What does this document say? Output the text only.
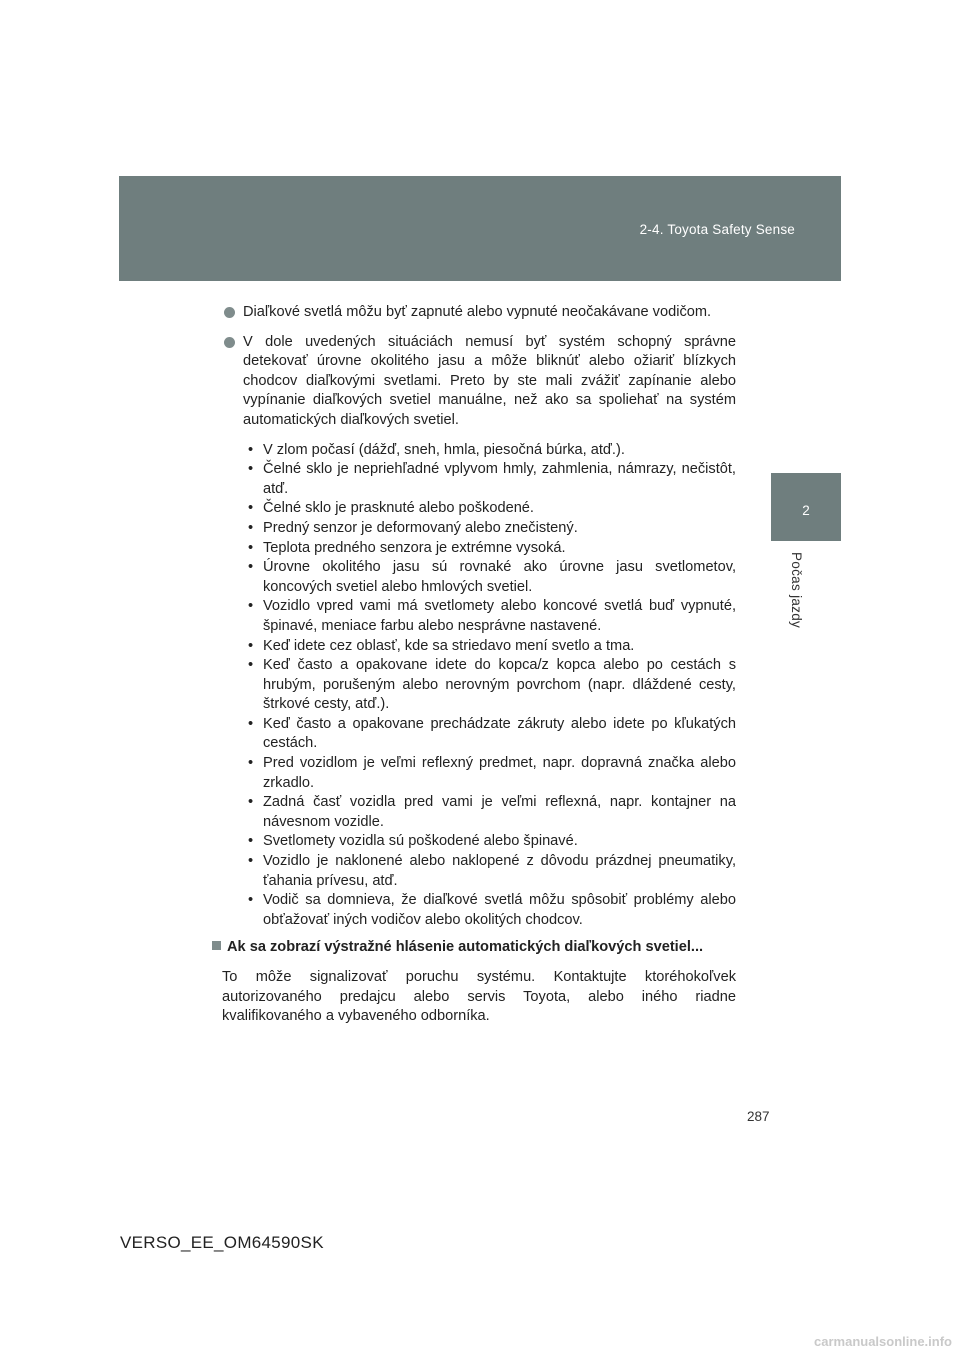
2-4. Toyota Safety Sense
2
Počas jazdy
Diaľkové svetlá môžu byť zapnuté alebo vypnuté neočakávane vodičom.
V dole uvedených situáciách nemusí byť systém schopný správne detekovať úrovne okolitého jasu a môže bliknúť alebo ožiariť blízkych chodcov diaľkovými svetlami. Preto by ste mali zvážiť zapínanie alebo vypínanie diaľkových svetiel manuálne, než ako sa spoliehať na systém automatických diaľkových svetiel.
• V zlom počasí (dážď, sneh, hmla, piesočná búrka, atď.).
• Čelné sklo je nepriehľadné vplyvom hmly, zahmlenia, námrazy, nečistôt, atď.
• Čelné sklo je prasknuté alebo poškodené.
• Predný senzor je deformovaný alebo znečistený.
• Teplota predného senzora je extrémne vysoká.
• Úrovne okolitého jasu sú rovnaké ako úrovne jasu svetlometov, koncových svetiel alebo hmlových svetiel.
• Vozidlo vpred vami má svetlomety alebo koncové svetlá buď vypnuté, špinavé, meniace farbu alebo nesprávne nastavené.
• Keď idete cez oblasť, kde sa striedavo mení svetlo a tma.
• Keď často a opakovane idete do kopca/z kopca alebo po cestách s hrubým, porušeným alebo nerovným povrchom (napr. dláždené cesty, štrkové cesty, atď.).
• Keď často a opakovane prechádzate zákruty alebo idete po kľukatých cestách.
• Pred vozidlom je veľmi reflexný predmet, napr. dopravná značka alebo zrkadlo.
• Zadná časť vozidla pred vami je veľmi reflexná, napr. kontajner na návesnom vozidle.
• Svetlomety vozidla sú poškodené alebo špinavé.
• Vozidlo je naklonené alebo naklopené z dôvodu prázdnej pneumatiky, ťahania prívesu, atď.
• Vodič sa domnieva, že diaľkové svetlá môžu spôsobiť problémy alebo obťažovať iných vodičov alebo okolitých chodcov.
Ak sa zobrazí výstražné hlásenie automatických diaľkových svetiel...
To môže signalizovať poruchu systému. Kontaktujte ktoréhokoľvek autorizovaného predajcu alebo servis Toyota, alebo iného riadne kvalifikovaného a vybaveného odborníka.
287
VERSO_EE_OM64590SK
carmanualsonline.info
